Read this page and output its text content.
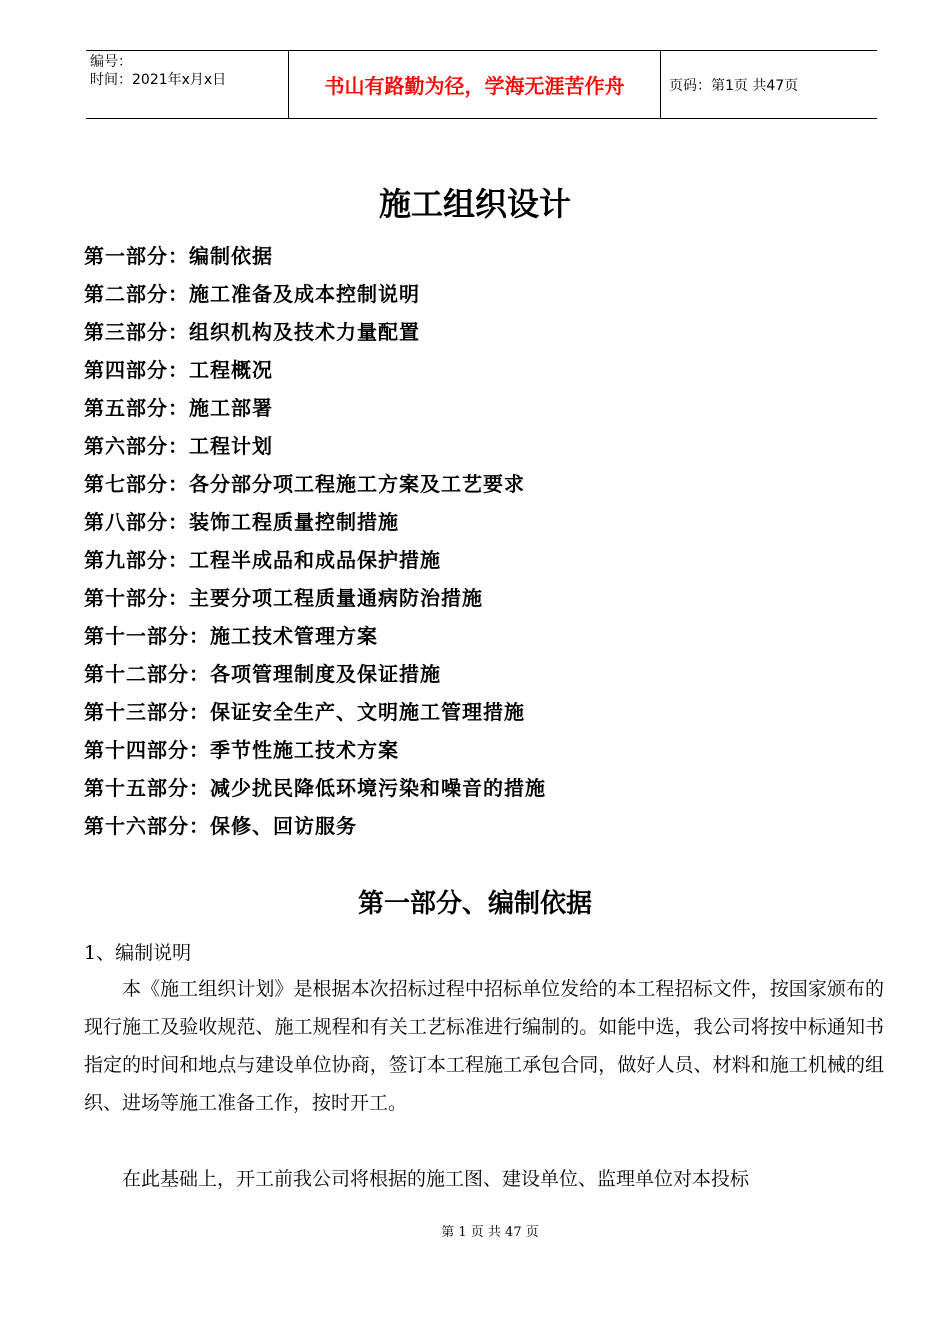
编号：
时间：2021年x月x日	书山有路勤为径，学海无涯苦作舟	页码：第1页 共47页
施工组织设计
第一部分：编制依据
第二部分：施工准备及成本控制说明
第三部分：组织机构及技术力量配置
第四部分：工程概况
第五部分：施工部署
第六部分：工程计划
第七部分：各分部分项工程施工方案及工艺要求
第八部分：装饰工程质量控制措施
第九部分：工程半成品和成品保护措施
第十部分：主要分项工程质量通病防治措施
第十一部分：施工技术管理方案
第十二部分：各项管理制度及保证措施
第十三部分：保证安全生产、文明施工管理措施
第十四部分：季节性施工技术方案
第十五部分：减少扰民降低环境污染和噪音的措施
第十六部分：保修、回访服务
第一部分、编制依据

1、编制说明

本《施工组织计划》是根据本次招标过程中招标单位发给的本工程招标文件，按国家颁布的现行施工及验收规范、施工规程和有关工艺标准进行编制的。如能中选，我公司将按中标通知书指定的时间和地点与建设单位协商，签订本工程施工承包合同，做好人员、材料和施工机械的组织、进场等施工准备工作，按时开工。

在此基础上，开工前我公司将根据的施工图、建设单位、监理单位对本投标

第 1 页 共 47 页
